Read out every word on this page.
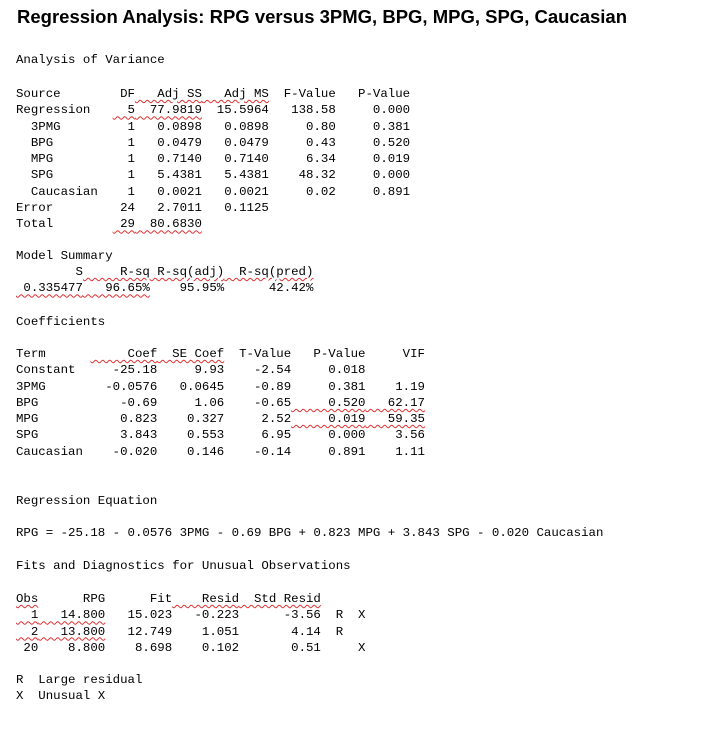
Regression Analysis: RPG versus 3PMG, BPG, MPG, SPG, Caucasian
Analysis of Variance
Source        DF   Adj SS   Adj MS  F-Value   P-Value
Regression     5  77.9819  15.5964   138.58     0.000
3PMG         1   0.0898   0.0898     0.80     0.381
BPG          1   0.0479   0.0479     0.43     0.520
MPG          1   0.7140   0.7140     6.34     0.019
SPG          1   5.4381   5.4381    48.32     0.000
Caucasian    1   0.0021   0.0021     0.02     0.891
Error         24   2.7011   0.1125
Total         29  80.6830
Model Summary
S     R-sq R-sq(adj)  R-sq(pred)
0.335477   96.65%    95.95%      42.42%
Coefficients
Term           Coef  SE Coef  T-Value   P-Value     VIF
Constant     -25.18     9.93    -2.54     0.018
3PMG        -0.0576   0.0645    -0.89     0.381    1.19
BPG           -0.69     1.06    -0.65     0.520   62.17
MPG           0.823    0.327     2.52     0.019   59.35
SPG           3.843    0.553     6.95     0.000    3.56
Caucasian    -0.020    0.146    -0.14     0.891    1.11
Regression Equation
RPG = -25.18 - 0.0576 3PMG - 0.69 BPG + 0.823 MPG + 3.843 SPG - 0.020 Caucasian
Fits and Diagnostics for Unusual Observations
Obs      RPG      Fit    Resid  Std Resid
1   14.800   15.023   -0.223      -3.56  R  X
2   13.800   12.749    1.051       4.14  R
20    8.800    8.698    0.102       0.51     X
R  Large residual
X  Unusual X
